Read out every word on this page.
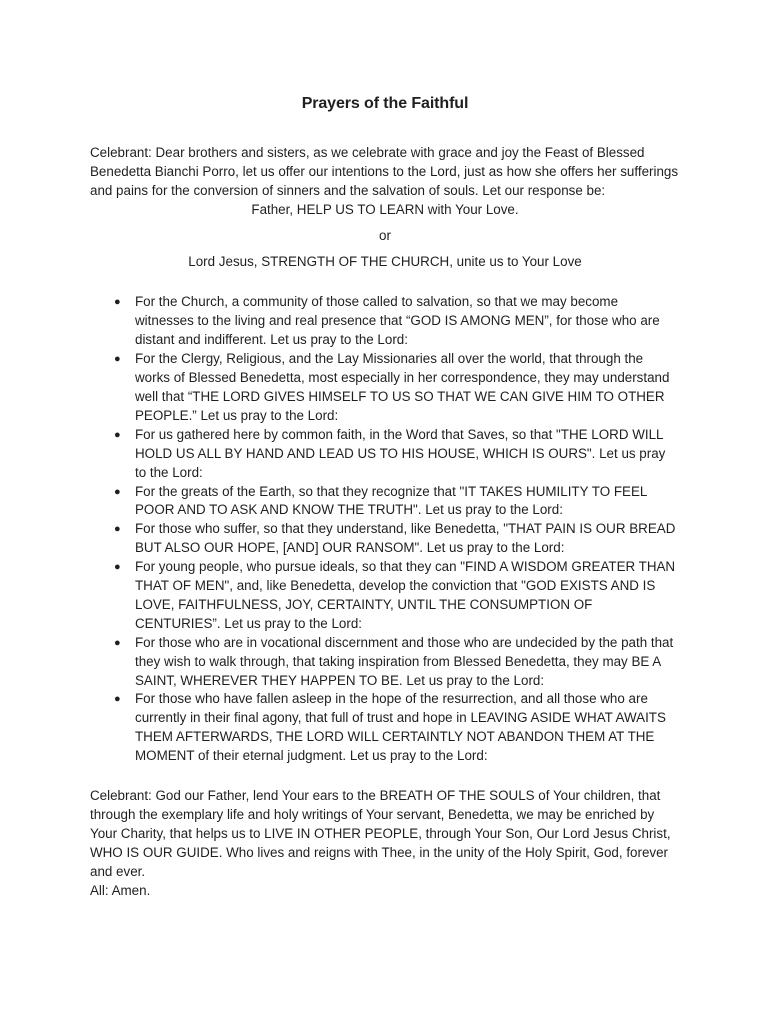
Prayers of the Faithful

Celebrant: Dear brothers and sisters, as we celebrate with grace and joy the Feast of Blessed Benedetta Bianchi Porro, let us offer our intentions to the Lord, just as how she offers her sufferings and pains for the conversion of sinners and the salvation of souls. Let our response be:

Father, HELP US TO LEARN with Your Love.

or

Lord Jesus, STRENGTH OF THE CHURCH, unite us to Your Love

● For the Church, a community of those called to salvation, so that we may become witnesses to the living and real presence that “GOD IS AMONG MEN”, for those who are distant and indifferent. Let us pray to the Lord:
● For the Clergy, Religious, and the Lay Missionaries all over the world, that through the works of Blessed Benedetta, most especially in her correspondence, they may understand well that “THE LORD GIVES HIMSELF TO US SO THAT WE CAN GIVE HIM TO OTHER PEOPLE.” Let us pray to the Lord:
● For us gathered here by common faith, in the Word that Saves, so that "THE LORD WILL HOLD US ALL BY HAND AND LEAD US TO HIS HOUSE, WHICH IS OURS". Let us pray to the Lord:
● For the greats of the Earth, so that they recognize that "IT TAKES HUMILITY TO FEEL POOR AND TO ASK AND KNOW THE TRUTH". Let us pray to the Lord:
● For those who suffer, so that they understand, like Benedetta, "THAT PAIN IS OUR BREAD BUT ALSO OUR HOPE, [AND] OUR RANSOM". Let us pray to the Lord:
● For young people, who pursue ideals, so that they can "FIND A WISDOM GREATER THAN THAT OF MEN", and, like Benedetta, develop the conviction that "GOD EXISTS AND IS LOVE, FAITHFULNESS, JOY, CERTAINTY, UNTIL THE CONSUMPTION OF CENTURIES”. Let us pray to the Lord:
● For those who are in vocational discernment and those who are undecided by the path that they wish to walk through, that taking inspiration from Blessed Benedetta, they may BE A SAINT, WHEREVER THEY HAPPEN TO BE. Let us pray to the Lord:
● For those who have fallen asleep in the hope of the resurrection, and all those who are currently in their final agony, that full of trust and hope in LEAVING ASIDE WHAT AWAITS THEM AFTERWARDS, THE LORD WILL CERTAINTLY NOT ABANDON THEM AT THE MOMENT of their eternal judgment. Let us pray to the Lord:

Celebrant: God our Father, lend Your ears to the BREATH OF THE SOULS of Your children, that through the exemplary life and holy writings of Your servant, Benedetta, we may be enriched by Your Charity, that helps us to LIVE IN OTHER PEOPLE, through Your Son, Our Lord Jesus Christ, WHO IS OUR GUIDE. Who lives and reigns with Thee, in the unity of the Holy Spirit, God, forever and ever.

All: Amen.
